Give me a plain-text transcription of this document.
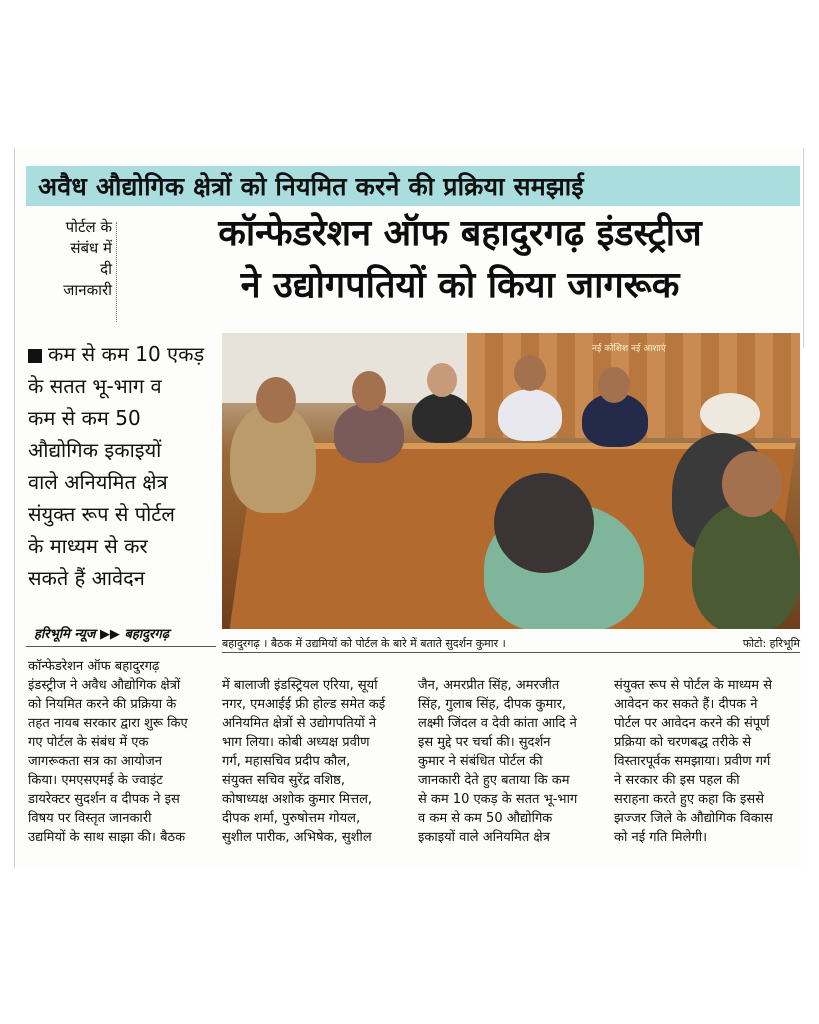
अवैध औद्योगिक क्षेत्रों को नियमित करने की प्रक्रिया समझाई
पोर्टल के
संबंध में
दी
जानकारी
कॉन्फेडरेशन ऑफ बहादुरगढ़ इंडस्ट्रीज
ने उद्योगपतियों को किया जागरूक
कम से कम 10 एकड़
के सतत भू-भाग व
कम से कम 50
औद्योगिक इकाइयों
वाले अनियमित क्षेत्र
संयुक्त रूप से पोर्टल
के माध्यम से कर
सकते हैं आवेदन
हरिभूमि न्यूज ▶▶ बहादुरगढ़
नई कोशिश नई आशाएं
बहादुरगढ़ । बैठक में उद्यमियों को पोर्टल के बारे में बताते सुदर्शन कुमार ।	फोटो: हरिभूमि

कॉन्फेडरेशन ऑफ बहादुरगढ़

इंडस्ट्रीज ने अवैध औद्योगिक क्षेत्रों

को नियमित करने की प्रक्रिया के

तहत नायब सरकार द्वारा शुरू किए

गए पोर्टल के संबंध में एक

जागरूकता सत्र का आयोजन

किया। एमएसएमई के ज्वाइंट

डायरेक्टर सुदर्शन व दीपक ने इस

विषय पर विस्तृत जानकारी

उद्यमियों के साथ साझा की। बैठक

में बालाजी इंडस्ट्रियल एरिया, सूर्या

नगर, एमआईई फ्री होल्ड समेत कई

अनियमित क्षेत्रों से उद्योगपतियों ने

भाग लिया। कोबी अध्यक्ष प्रवीण

गर्ग, महासचिव प्रदीप कौल,

संयुक्त सचिव सुरेंद्र वशिष्ठ,

कोषाध्यक्ष अशोक कुमार मित्तल,

दीपक शर्मा, पुरुषोत्तम गोयल,

सुशील पारीक, अभिषेक, सुशील

जैन, अमरप्रीत सिंह, अमरजीत

सिंह, गुलाब सिंह, दीपक कुमार,

लक्ष्मी जिंदल व देवी कांता आदि ने

इस मुद्दे पर चर्चा की। सुदर्शन

कुमार ने संबंधित पोर्टल की

जानकारी देते हुए बताया कि कम

से कम 10 एकड़ के सतत भू-भाग

व कम से कम 50 औद्योगिक

इकाइयों वाले अनियमित क्षेत्र

संयुक्त रूप से पोर्टल के माध्यम से

आवेदन कर सकते हैं। दीपक ने

पोर्टल पर आवेदन करने की संपूर्ण

प्रक्रिया को चरणबद्ध तरीके से

विस्तारपूर्वक समझाया। प्रवीण गर्ग

ने सरकार की इस पहल की

सराहना करते हुए कहा कि इससे

झज्जर जिले के औद्योगिक विकास

को नई गति मिलेगी।
